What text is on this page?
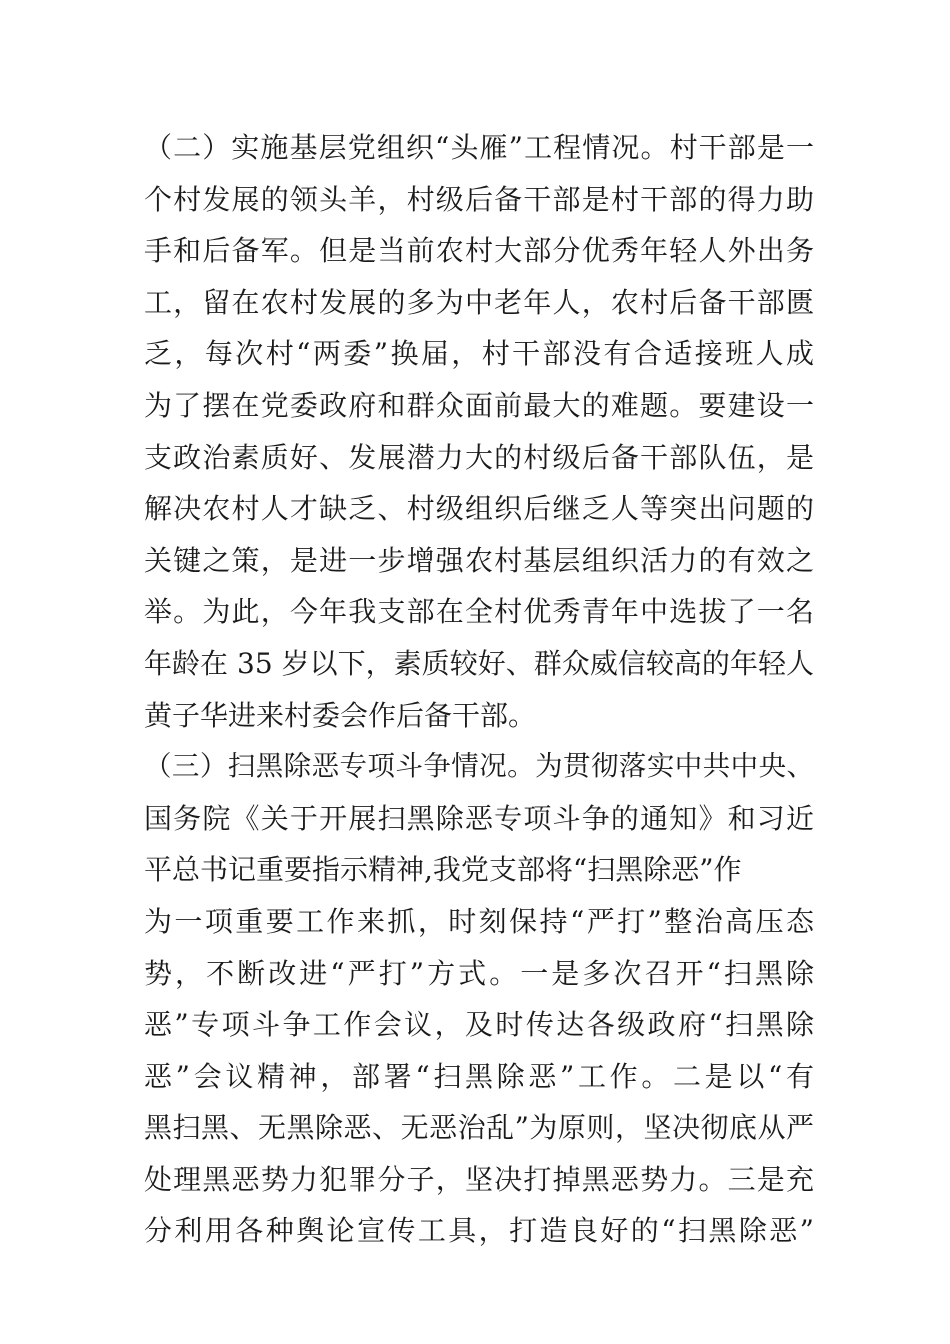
（二）实施基层党组织“头雁”工程情况。村干部是一
个村发展的领头羊，村级后备干部是村干部的得力助
手和后备军。但是当前农村大部分优秀年轻人外出务
工，留在农村发展的多为中老年人，农村后备干部匮
乏，每次村“两委”换届，村干部没有合适接班人成
为了摆在党委政府和群众面前最大的难题。要建设一
支政治素质好、发展潜力大的村级后备干部队伍，是
解决农村人才缺乏、村级组织后继乏人等突出问题的
关键之策，是进一步增强农村基层组织活力的有效之
举。为此，今年我支部在全村优秀青年中选拔了一名
年龄在 35 岁以下，素质较好、群众威信较高的年轻人
黄子华进来村委会作后备干部。
（三）扫黑除恶专项斗争情况。为贯彻落实中共中央、
国务院《关于开展扫黑除恶专项斗争的通知》和习近
平总书记重要指示精神,我党支部将“扫黑除恶”作
为一项重要工作来抓，时刻保持“严打”整治高压态
势，不断改进“严打”方式。一是多次召开“扫黑除
恶”专项斗争工作会议，及时传达各级政府“扫黑除
恶”会议精神，部署“扫黑除恶”工作。二是以“有
黑扫黑、无黑除恶、无恶治乱”为原则，坚决彻底从严
处理黑恶势力犯罪分子，坚决打掉黑恶势力。三是充
分利用各种舆论宣传工具，打造良好的“扫黑除恶”
